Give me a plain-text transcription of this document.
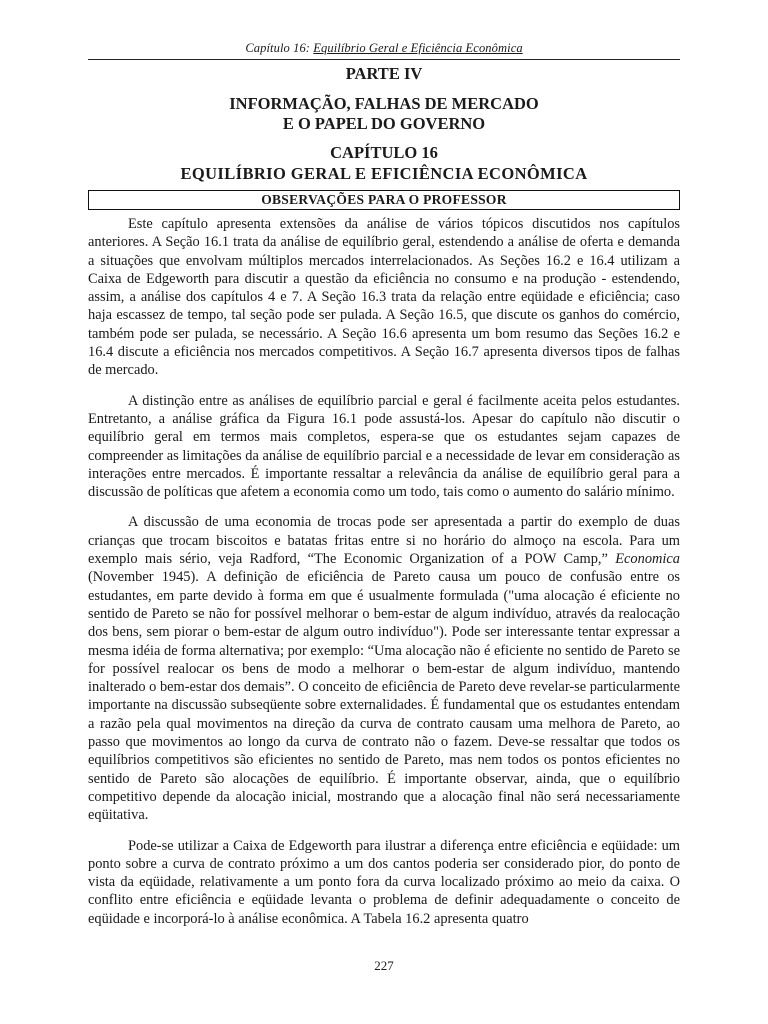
Capítulo 16: Equilíbrio Geral e Eficiência Econômica
PARTE IV
INFORMAÇÃO, FALHAS DE MERCADO
E O PAPEL DO GOVERNO
CAPÍTULO 16
EQUILÍBRIO GERAL E EFICIÊNCIA ECONÔMICA
OBSERVAÇÕES PARA O PROFESSOR

Este capítulo apresenta extensões da análise de vários tópicos discutidos nos capítulos anteriores. A Seção 16.1 trata da análise de equilíbrio geral, estendendo a análise de oferta e demanda a situações que envolvam múltiplos mercados interrelacionados. As Seções 16.2 e 16.4 utilizam a Caixa de Edgeworth para discutir a questão da eficiência no consumo e na produção - estendendo, assim, a análise dos capítulos 4 e 7. A Seção 16.3 trata da relação entre eqüidade e eficiência; caso haja escassez de tempo, tal seção pode ser pulada. A Seção 16.5, que discute os ganhos do comércio, também pode ser pulada, se necessário. A Seção 16.6 apresenta um bom resumo das Seções 16.2 e 16.4 discute a eficiência nos mercados competitivos. A Seção 16.7 apresenta diversos tipos de falhas de mercado.

A distinção entre as análises de equilíbrio parcial e geral é facilmente aceita pelos estudantes. Entretanto, a análise gráfica da Figura 16.1 pode assustá-los. Apesar do capítulo não discutir o equilíbrio geral em termos mais completos, espera-se que os estudantes sejam capazes de compreender as limitações da análise de equilíbrio parcial e a necessidade de levar em consideração as interações entre mercados. É importante ressaltar a relevância da análise de equilíbrio geral para a discussão de políticas que afetem a economia como um todo, tais como o aumento do salário mínimo.

A discussão de uma economia de trocas pode ser apresentada a partir do exemplo de duas crianças que trocam biscoitos e batatas fritas entre si no horário do almoço na escola. Para um exemplo mais sério, veja Radford, “The Economic Organization of a POW Camp,” Economica (November 1945). A definição de eficiência de Pareto causa um pouco de confusão entre os estudantes, em parte devido à forma em que é usualmente formulada ("uma alocação é eficiente no sentido de Pareto se não for possível melhorar o bem-estar de algum indivíduo, através da realocação dos bens, sem piorar o bem-estar de algum outro indivíduo"). Pode ser interessante tentar expressar a mesma idéia de forma alternativa; por exemplo: “Uma alocação não é eficiente no sentido de Pareto se for possível realocar os bens de modo a melhorar o bem-estar de algum indivíduo, mantendo inalterado o bem-estar dos demais”. O conceito de eficiência de Pareto deve revelar-se particularmente importante na discussão subseqüente sobre externalidades. É fundamental que os estudantes entendam a razão pela qual movimentos na direção da curva de contrato causam uma melhora de Pareto, ao passo que movimentos ao longo da curva de contrato não o fazem. Deve-se ressaltar que todos os equilíbrios competitivos são eficientes no sentido de Pareto, mas nem todos os pontos eficientes no sentido de Pareto são alocações de equilíbrio. É importante observar, ainda, que o equilíbrio competitivo depende da alocação inicial, mostrando que a alocação final não será necessariamente eqüitativa.

Pode-se utilizar a Caixa de Edgeworth para ilustrar a diferença entre eficiência e eqüidade: um ponto sobre a curva de contrato próximo a um dos cantos poderia ser considerado pior, do ponto de vista da eqüidade, relativamente a um ponto fora da curva localizado próximo ao meio da caixa. O conflito entre eficiência e eqüidade levanta o problema de definir adequadamente o conceito de eqüidade e incorporá-lo à análise econômica. A Tabela 16.2 apresenta quatro

227
